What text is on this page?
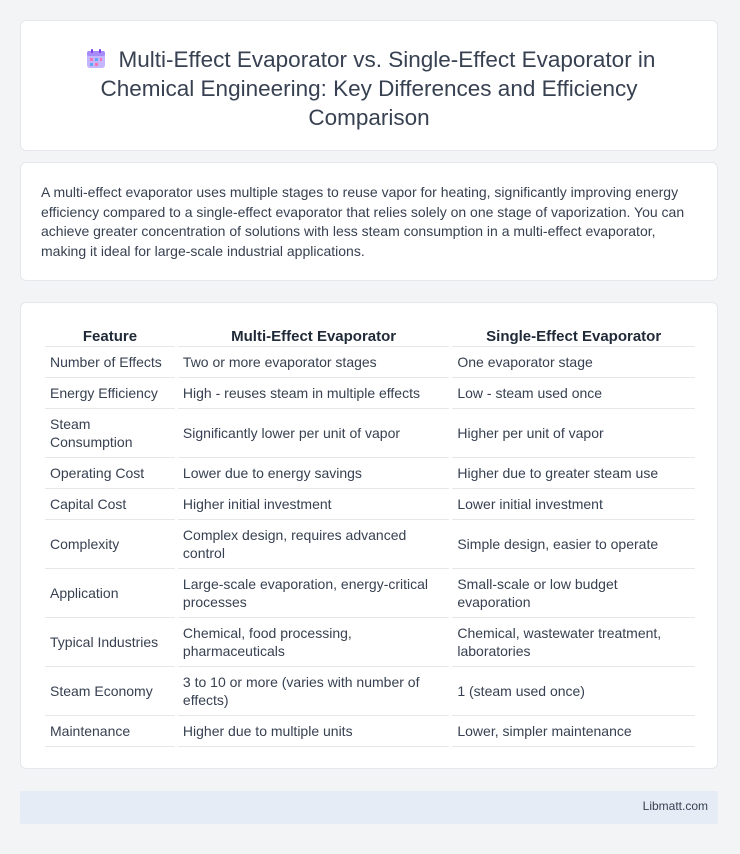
Multi-Effect Evaporator vs. Single-Effect Evaporator in Chemical Engineering: Key Differences and Efficiency Comparison

A multi-effect evaporator uses multiple stages to reuse vapor for heating, significantly improving energy efficiency compared to a single-effect evaporator that relies solely on one stage of vaporization. You can achieve greater concentration of solutions with less steam consumption in a multi-effect evaporator, making it ideal for large-scale industrial applications.

Feature	Multi-Effect Evaporator	Single-Effect Evaporator
Number of Effects	Two or more evaporator stages	One evaporator stage
Energy Efficiency	High - reuses steam in multiple effects	Low - steam used once
Steam Consumption	Significantly lower per unit of vapor	Higher per unit of vapor
Operating Cost	Lower due to energy savings	Higher due to greater steam use
Capital Cost	Higher initial investment	Lower initial investment
Complexity	Complex design, requires advanced control	Simple design, easier to operate
Application	Large-scale evaporation, energy-critical processes	Small-scale or low budget evaporation
Typical Industries	Chemical, food processing, pharmaceuticals	Chemical, wastewater treatment, laboratories
Steam Economy	3 to 10 or more (varies with number of effects)	1 (steam used once)
Maintenance	Higher due to multiple units	Lower, simpler maintenance
Libmatt.com
